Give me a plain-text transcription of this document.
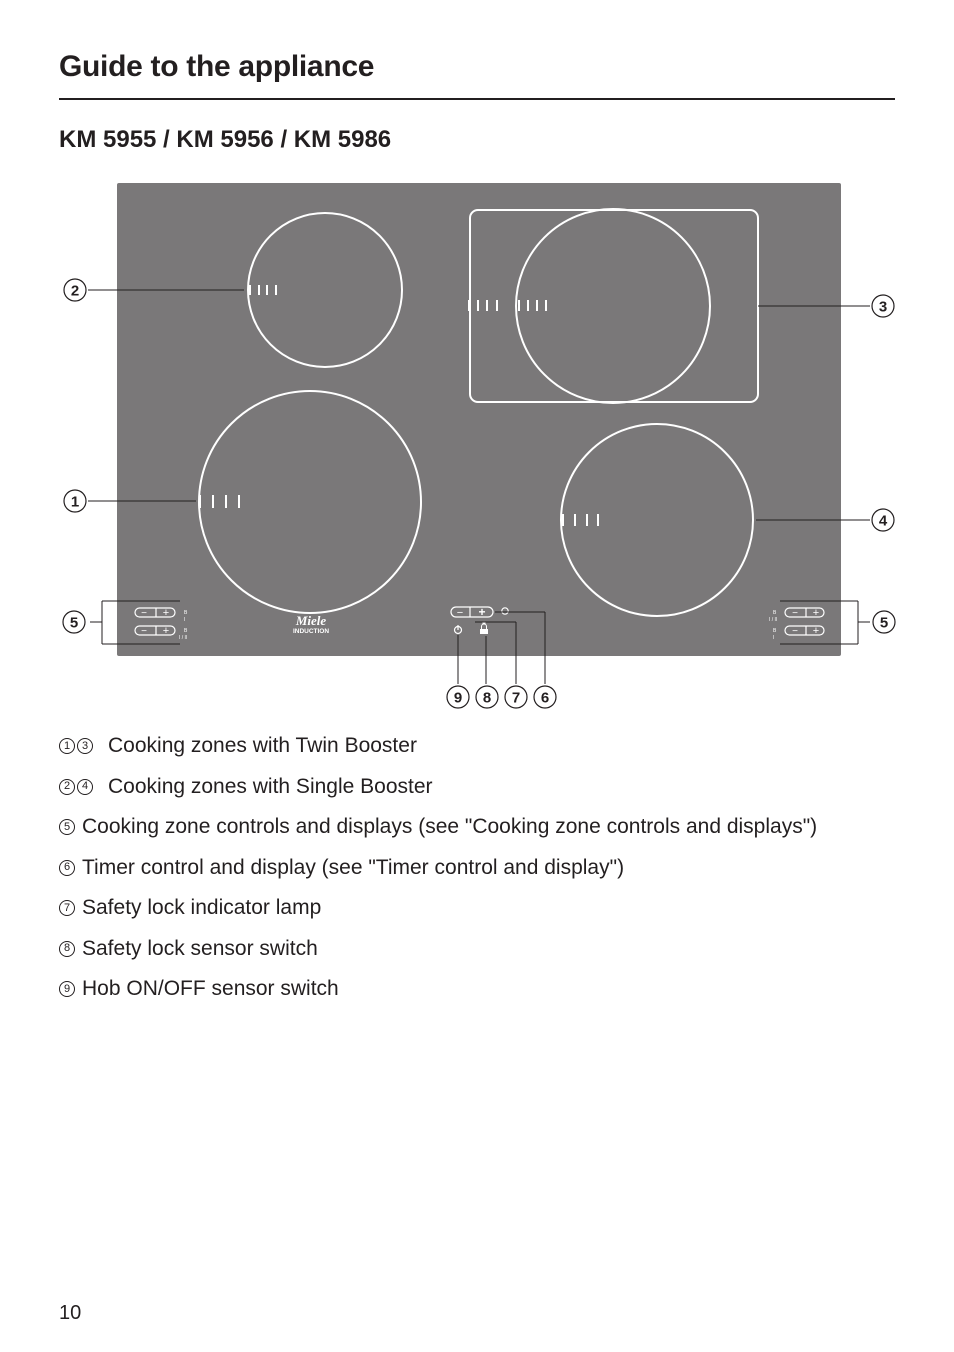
Guide to the appliance
KM 5955 / KM 5956 / KM 5986
− +
− +
B
I
B
I / II
Miele
INDUCTION
− +	− +
− +
B
I / II
B
I
2
3
1
4
5	5
9 8 7 6
1	3 Cooking zones with Twin Booster
2	4 Cooking zones with Single Booster
5 Cooking zone controls and displays (see "Cooking zone controls and displays")
6 Timer control and display (see "Timer control and display")
7 Safety lock indicator lamp
8 Safety lock sensor switch
9 Hob ON/OFF sensor switch
10
